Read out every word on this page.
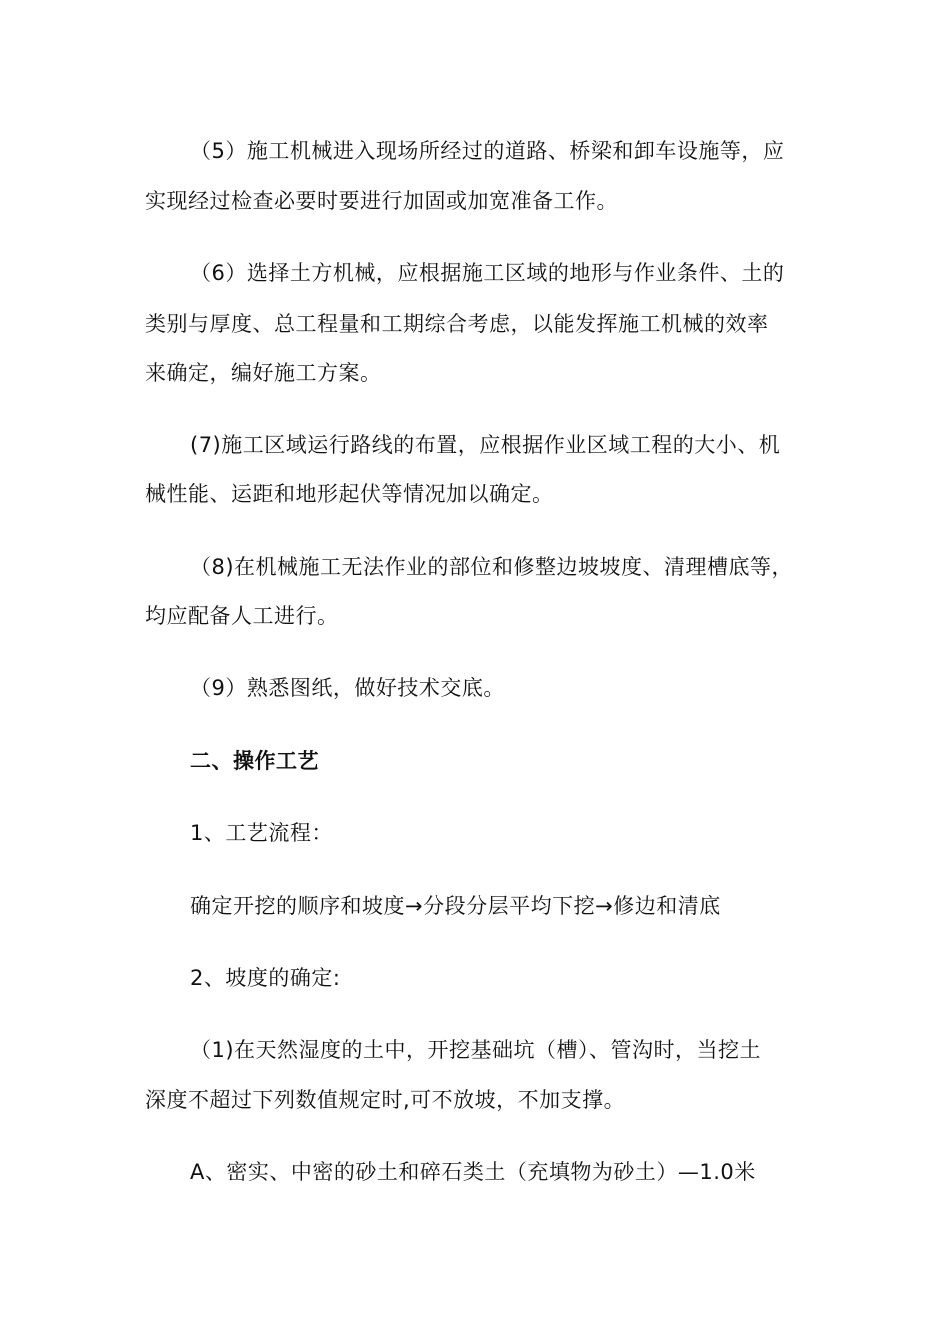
（5）施工机械进入现场所经过的道路、桥梁和卸车设施等，应
实现经过检查必要时要进行加固或加宽准备工作。
（6）选择土方机械，应根据施工区域的地形与作业条件、土的
类别与厚度、总工程量和工期综合考虑，以能发挥施工机械的效率
来确定，编好施工方案。
(7)施工区域运行路线的布置，应根据作业区域工程的大小、机
械性能、运距和地形起伏等情况加以确定。
（8)在机械施工无法作业的部位和修整边坡坡度、清理槽底等，
均应配备人工进行。
（9）熟悉图纸，做好技术交底。
二、操作工艺
1、工艺流程：
确定开挖的顺序和坡度→分段分层平均下挖→修边和清底
2、坡度的确定:
（1)在天然湿度的土中，开挖基础坑（槽）、管沟时，当挖土
深度不超过下列数值规定时,可不放坡，不加支撑。
A、密实、中密的砂土和碎石类土（充填物为砂土）—1.0米
